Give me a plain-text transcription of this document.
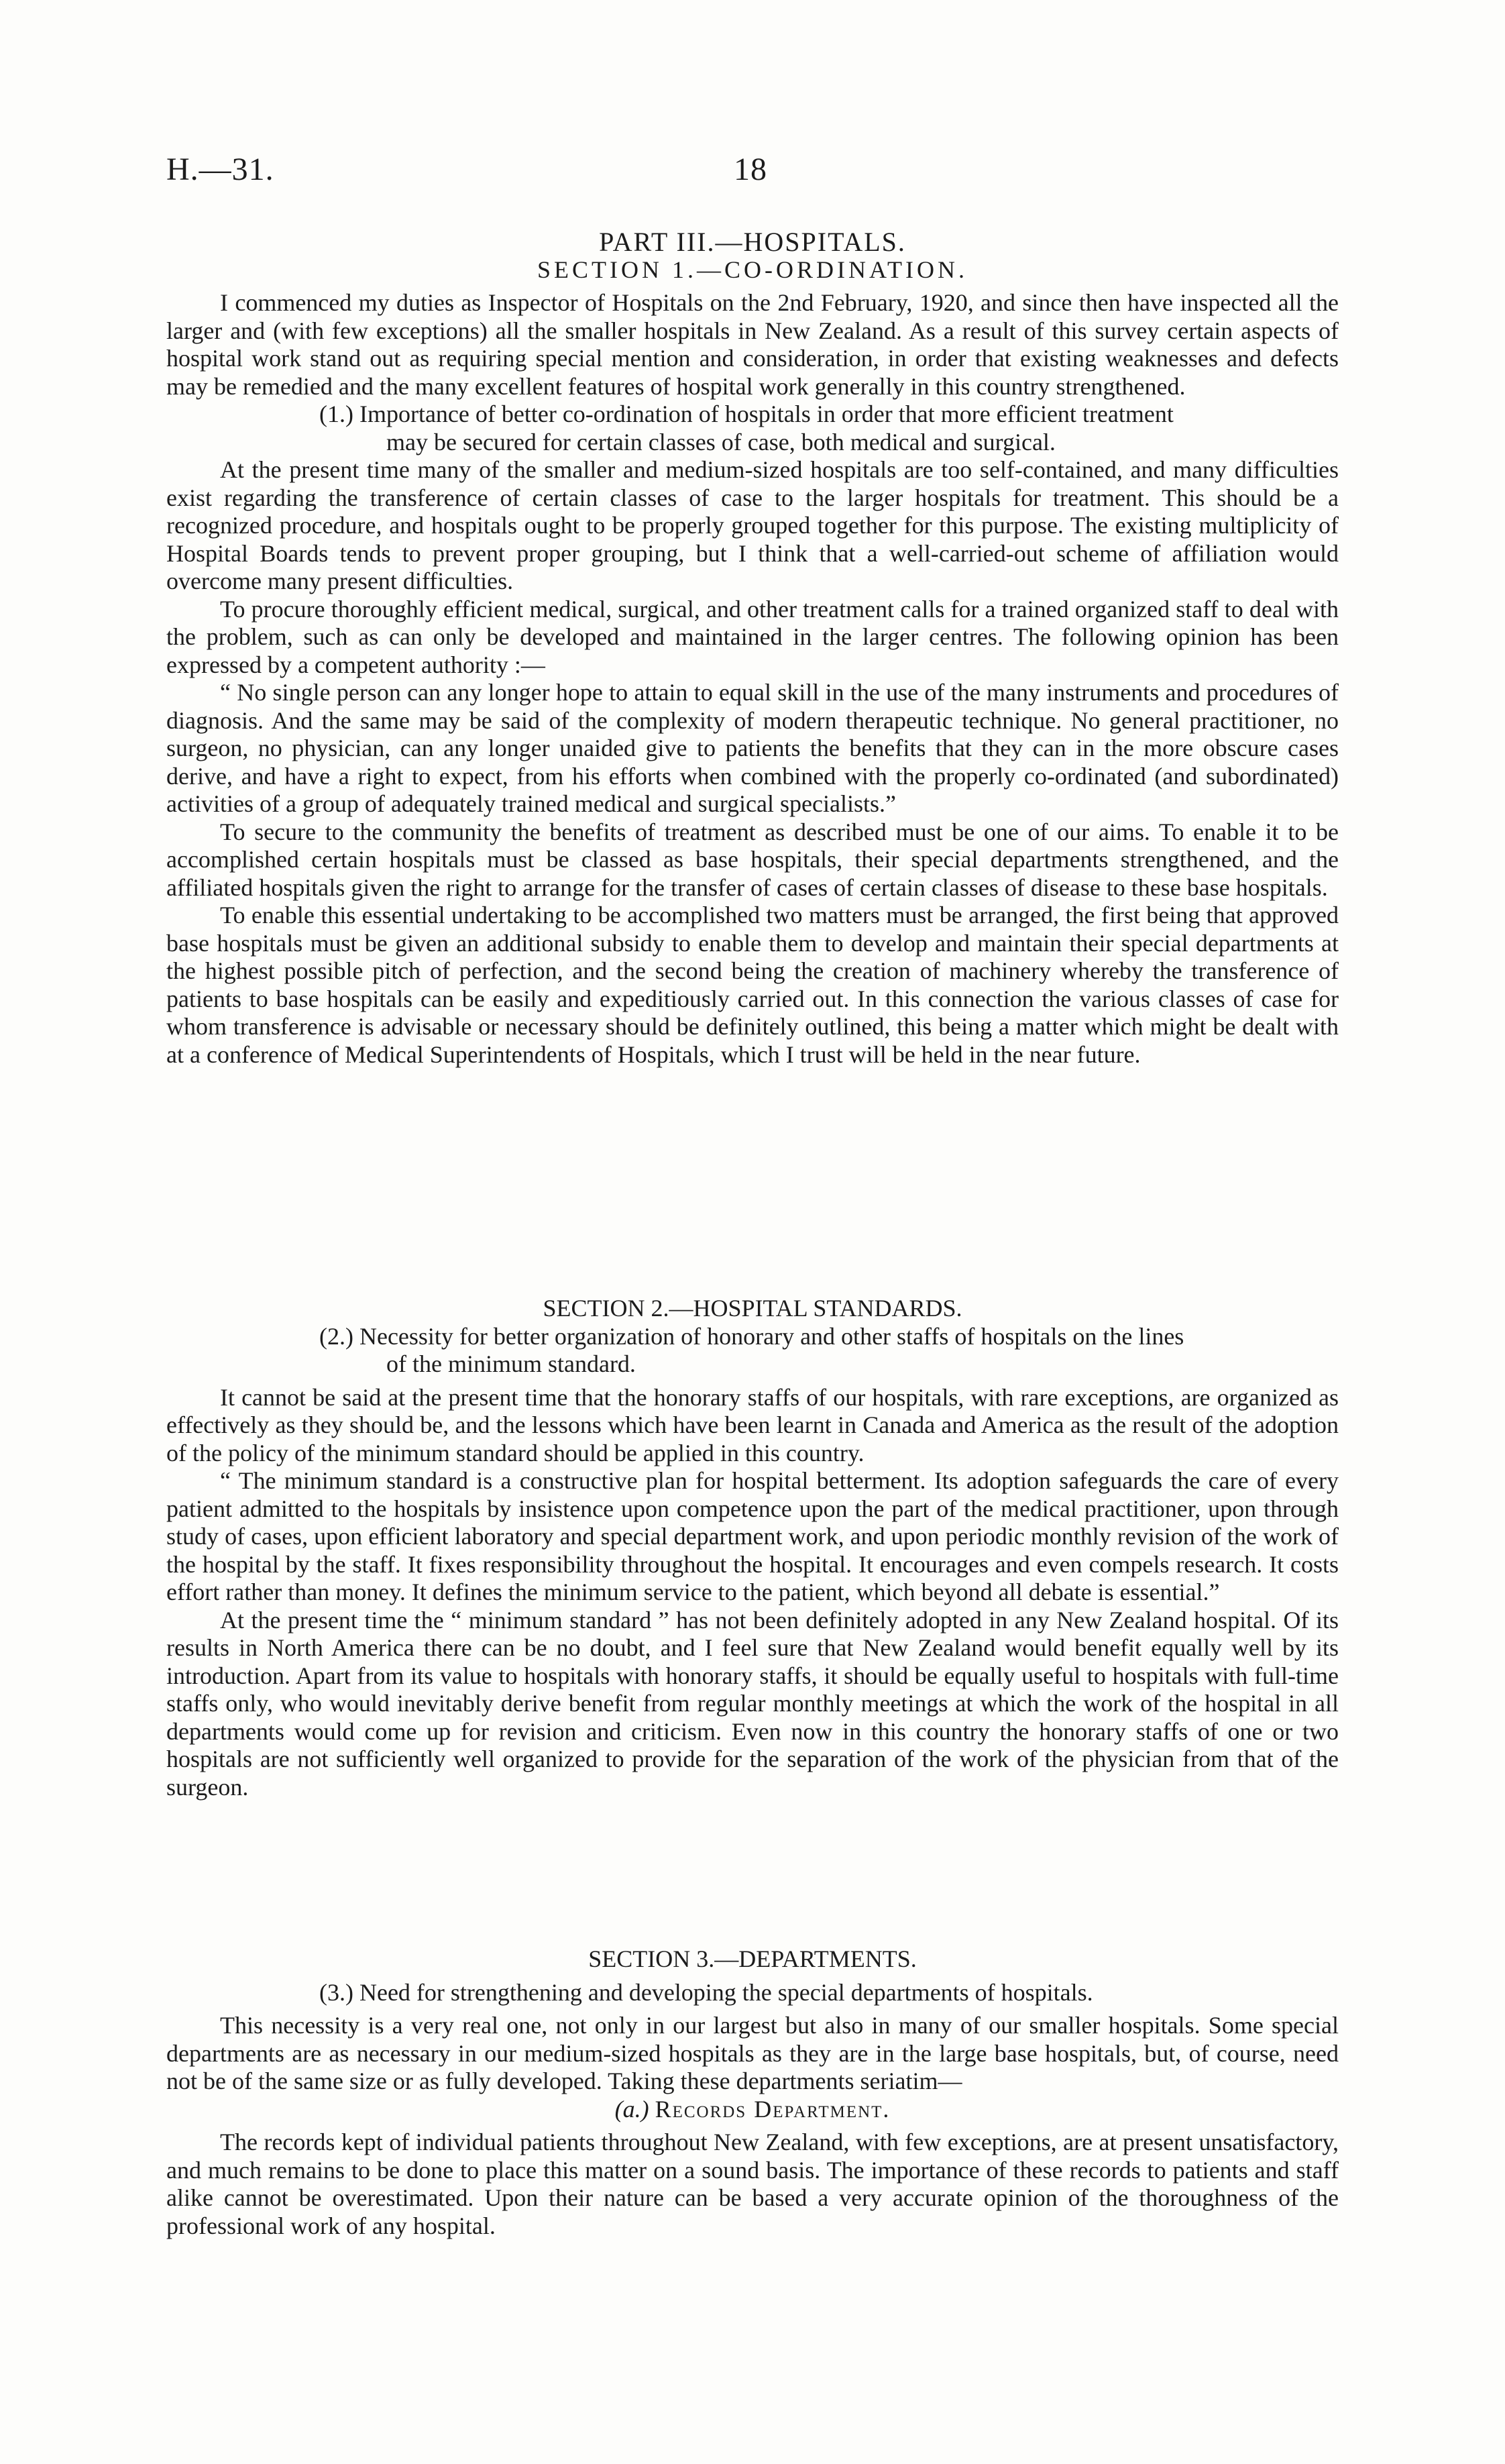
H.—31.	18

PART III.—HOSPITALS.

SECTION 1.—CO-ORDINATION.

I commenced my duties as Inspector of Hospitals on the 2nd February, 1920, and since then have inspected all the larger and (with few exceptions) all the smaller hospitals in New Zealand. As a result of this survey certain aspects of hospital work stand out as requiring special mention and consideration, in order that existing weaknesses and defects may be remedied and the many excellent features of hospital work generally in this country strengthened.

(1.) Importance of better co-ordination of hospitals in order that more efficient treatment
may be secured for certain classes of case, both medical and surgical.

At the present time many of the smaller and medium-sized hospitals are too self-contained, and many difficulties exist regarding the transference of certain classes of case to the larger hospitals for treatment. This should be a recognized procedure, and hospitals ought to be properly grouped together for this purpose. The existing multiplicity of Hospital Boards tends to prevent proper grouping, but I think that a well-carried-out scheme of affiliation would overcome many present difficulties.

To procure thoroughly efficient medical, surgical, and other treatment calls for a trained organized staff to deal with the problem, such as can only be developed and maintained in the larger centres. The following opinion has been expressed by a competent authority :—

“ No single person can any longer hope to attain to equal skill in the use of the many instruments and procedures of diagnosis. And the same may be said of the complexity of modern therapeutic technique. No general practitioner, no surgeon, no physician, can any longer unaided give to patients the benefits that they can in the more obscure cases derive, and have a right to expect, from his efforts when combined with the properly co-ordinated (and subordinated) activities of a group of adequately trained medical and surgical specialists.”

To secure to the community the benefits of treatment as described must be one of our aims. To enable it to be accomplished certain hospitals must be classed as base hospitals, their special departments strengthened, and the affiliated hospitals given the right to arrange for the transfer of cases of certain classes of disease to these base hospitals.

To enable this essential undertaking to be accomplished two matters must be arranged, the first being that approved base hospitals must be given an additional subsidy to enable them to develop and maintain their special departments at the highest possible pitch of perfection, and the second being the creation of machinery whereby the transference of patients to base hospitals can be easily and expeditiously carried out. In this connection the various classes of case for whom transference is advisable or necessary should be definitely outlined, this being a matter which might be dealt with at a conference of Medical Superintendents of Hospitals, which I trust will be held in the near future.

SECTION 2.—HOSPITAL STANDARDS.

(2.) Necessity for better organization of honorary and other staffs of hospitals on the lines
of the minimum standard.

It cannot be said at the present time that the honorary staffs of our hospitals, with rare exceptions, are organized as effectively as they should be, and the lessons which have been learnt in Canada and America as the result of the adoption of the policy of the minimum standard should be applied in this country.

“ The minimum standard is a constructive plan for hospital betterment. Its adoption safeguards the care of every patient admitted to the hospitals by insistence upon competence upon the part of the medical practitioner, upon through study of cases, upon efficient laboratory and special department work, and upon periodic monthly revision of the work of the hospital by the staff. It fixes responsibility throughout the hospital. It encourages and even compels research. It costs effort rather than money. It defines the minimum service to the patient, which beyond all debate is essential.”

At the present time the “ minimum standard ” has not been definitely adopted in any New Zealand hospital. Of its results in North America there can be no doubt, and I feel sure that New Zealand would benefit equally well by its introduction. Apart from its value to hospitals with honorary staffs, it should be equally useful to hospitals with full-time staffs only, who would inevitably derive benefit from regular monthly meetings at which the work of the hospital in all departments would come up for revision and criticism. Even now in this country the honorary staffs of one or two hospitals are not sufficiently well organized to provide for the separation of the work of the physician from that of the surgeon.

SECTION 3.—DEPARTMENTS.

(3.) Need for strengthening and developing the special departments of hospitals.

This necessity is a very real one, not only in our largest but also in many of our smaller hospitals. Some special departments are as necessary in our medium-sized hospitals as they are in the large base hospitals, but, of course, need not be of the same size or as fully developed. Taking these departments seriatim—

(a.) Records Department.

The records kept of individual patients throughout New Zealand, with few exceptions, are at present unsatisfactory, and much remains to be done to place this matter on a sound basis. The importance of these records to patients and staff alike cannot be overestimated. Upon their nature can be based a very accurate opinion of the thoroughness of the professional work of any hospital.
